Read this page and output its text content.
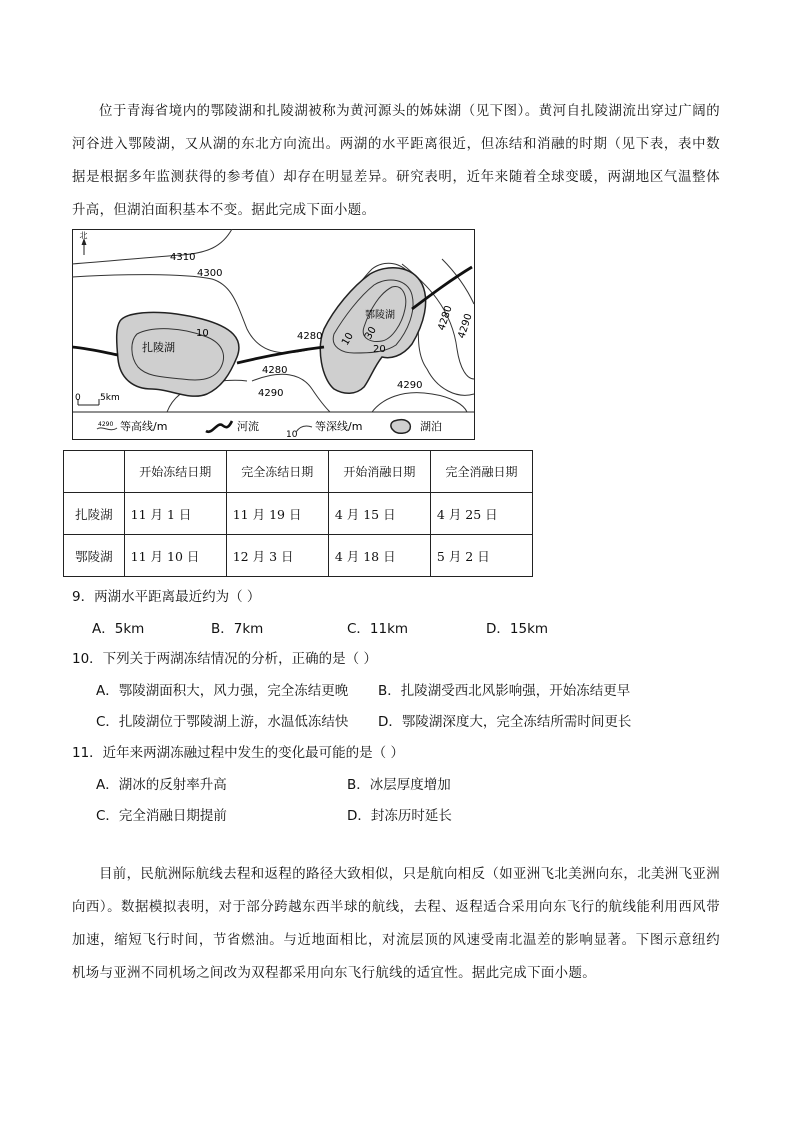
位于青海省境内的鄂陵湖和扎陵湖被称为黄河源头的姊妹湖（见下图）。黄河自扎陵湖流出穿过广阔的河谷进入鄂陵湖，又从湖的东北方向流出。两湖的水平距离很近，但冻结和消融的时期（见下表，表中数据是根据多年监测获得的参考值）却存在明显差异。研究表明，近年来随着全球变暖，两湖地区气温整体升高，但湖泊面积基本不变。据此完成下面小题。

北
扎陵湖
鄂陵湖
4310
4300
4280
4280
4290
4290
4280 4290
10	10 30
20
0 5km
4290 等高线/m	河流
10
等深线/m	湖泊
	开始冻结日期	完全冻结日期	开始消融日期	完全消融日期
扎陵湖	11 月 1 日	11 月 19 日	4 月 15 日	4 月 25 日
鄂陵湖	11 月 10 日	12 月 3 日	4 月 18 日	5 月 2 日

9．两湖水平距离最近约为（ ）

A．5km	B．7km	C．11km	D．15km

10．下列关于两湖冻结情况的分析，正确的是（ ）

A．鄂陵湖面积大，风力强，完全冻结更晚 B．扎陵湖受西北风影响强，开始冻结更早

C．扎陵湖位于鄂陵湖上游，水温低冻结快 D．鄂陵湖深度大，完全冻结所需时间更长

11．近年来两湖冻融过程中发生的变化最可能的是（ ）

A．湖冰的反射率升高	B．冰层厚度增加

C．完全消融日期提前	D．封冻历时延长

目前，民航洲际航线去程和返程的路径大致相似，只是航向相反（如亚洲飞北美洲向东，北美洲飞亚洲向西）。数据模拟表明，对于部分跨越东西半球的航线，去程、返程适合采用向东飞行的航线能利用西风带加速，缩短飞行时间，节省燃油。与近地面相比，对流层顶的风速受南北温差的影响显著。下图示意纽约机场与亚洲不同机场之间改为双程都采用向东飞行航线的适宜性。据此完成下面小题。
